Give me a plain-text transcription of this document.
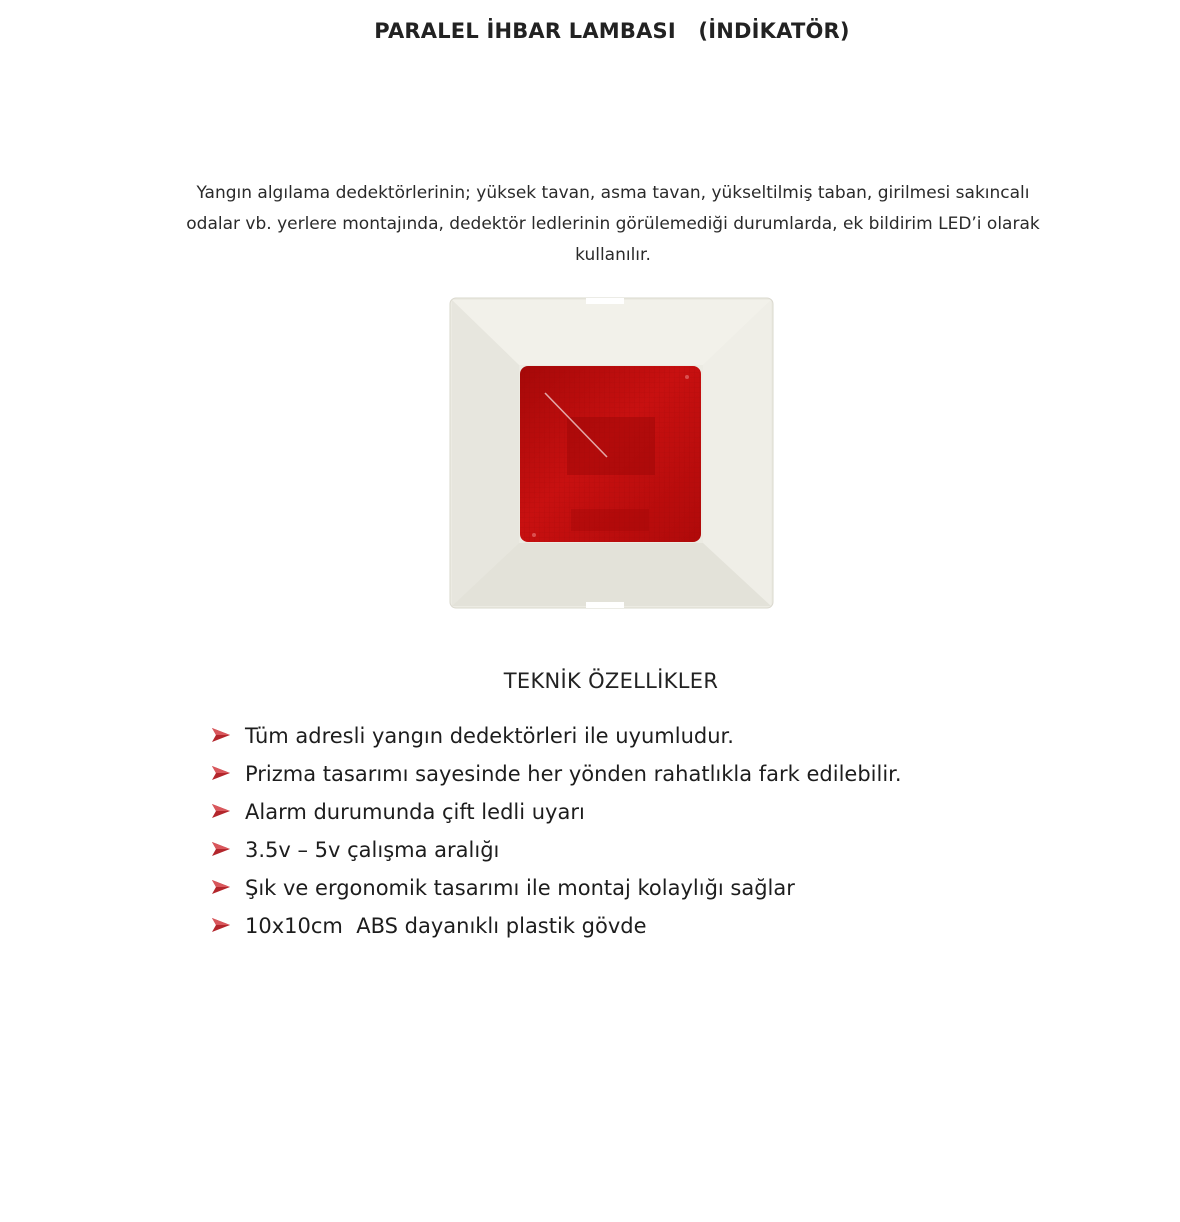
PARALEL İHBAR LAMBASI   (İNDİKATÖR)
Yangın algılama dedektörlerinin; yüksek tavan, asma tavan, yükseltilmiş taban, girilmesi sakıncalı
odalar vb. yerlere montajında, dedektör ledlerinin görülemediği durumlarda, ek bildirim LED’i olarak
kullanılır.
TEKNİK ÖZELLİKLER

Tüm adresli yangın dedektörleri ile uyumludur.

Prizma tasarımı sayesinde her yönden rahatlıkla fark edilebilir.

Alarm durumunda çift ledli uyarı

3.5v – 5v çalışma aralığı

Şık ve ergonomik tasarımı ile montaj kolaylığı sağlar

10x10cm  ABS dayanıklı plastik gövde
